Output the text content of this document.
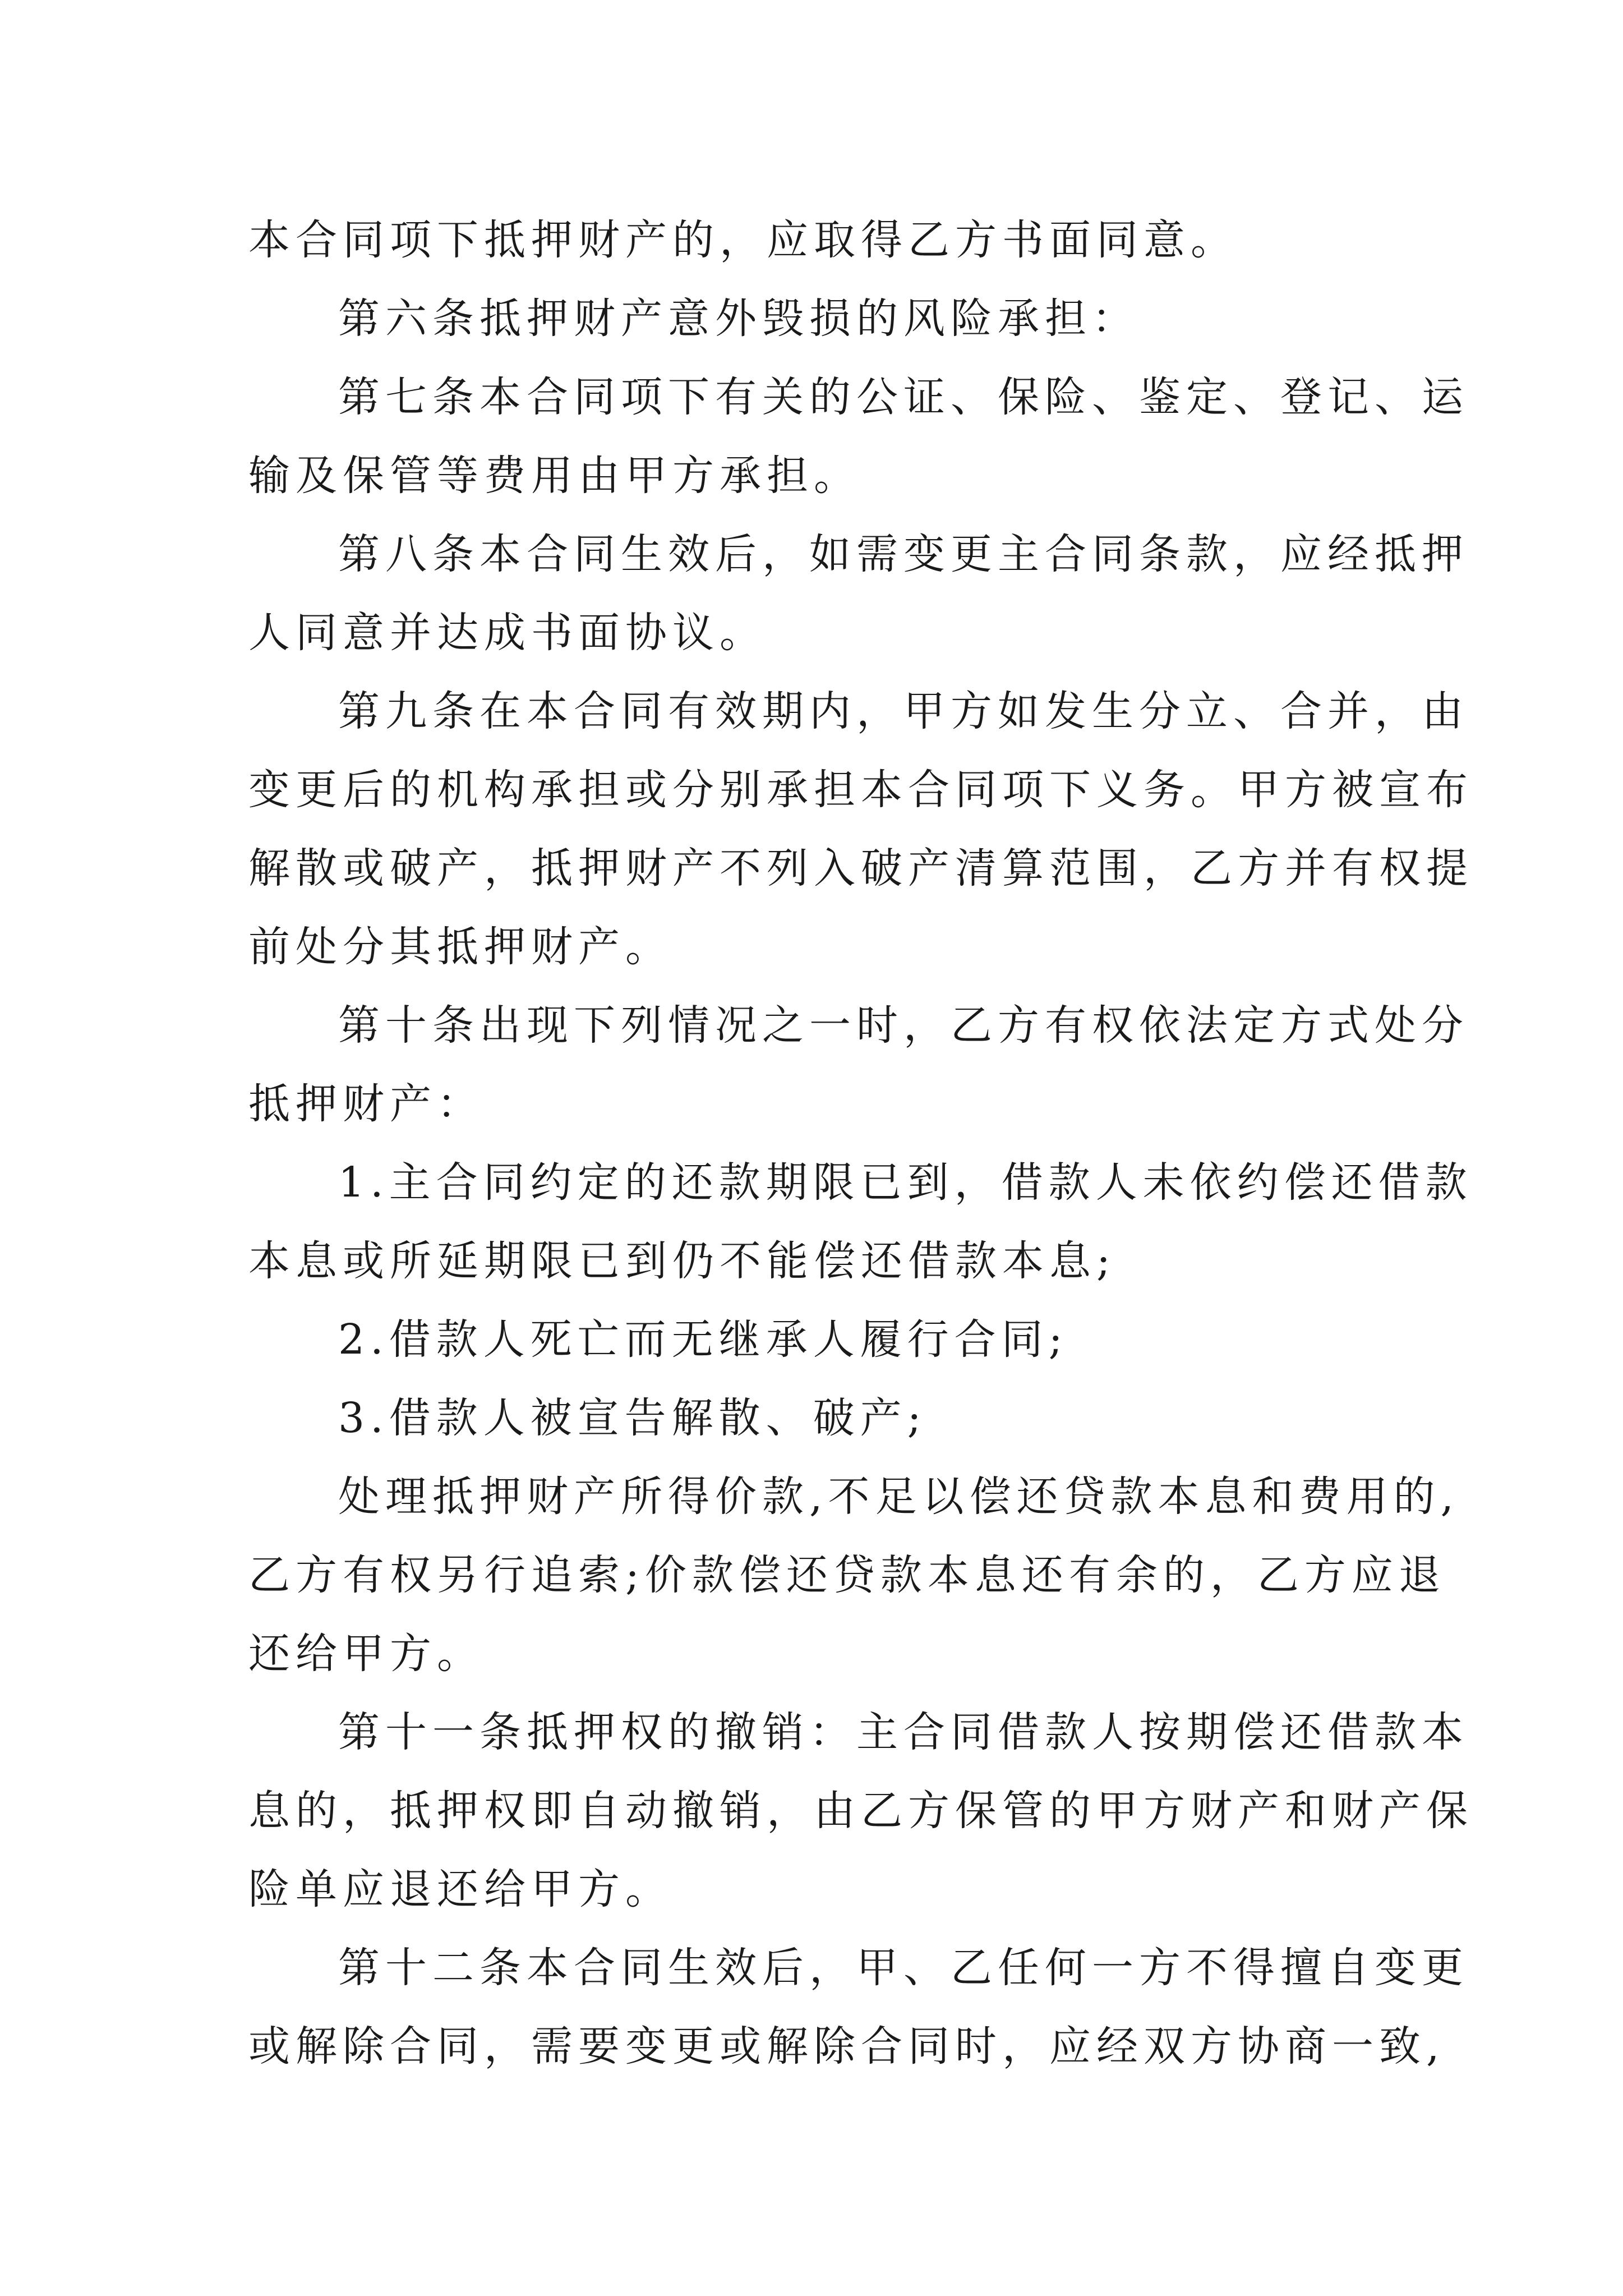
本合同项下抵押财产的，应取得乙方书面同意。
第六条抵押财产意外毁损的风险承担：
第七条本合同项下有关的公证、保险、鉴定、登记、运
输及保管等费用由甲方承担。
第八条本合同生效后，如需变更主合同条款，应经抵押
人同意并达成书面协议。
第九条在本合同有效期内，甲方如发生分立、合并，由
变更后的机构承担或分别承担本合同项下义务。甲方被宣布
解散或破产，抵押财产不列入破产清算范围，乙方并有权提
前处分其抵押财产。
第十条出现下列情况之一时，乙方有权依法定方式处分
抵押财产：
1.主合同约定的还款期限已到，借款人未依约偿还借款
本息或所延期限已到仍不能偿还借款本息;
2.借款人死亡而无继承人履行合同;
3.借款人被宣告解散、破产;
处理抵押财产所得价款,不足以偿还贷款本息和费用的,
乙方有权另行追索;价款偿还贷款本息还有余的，乙方应退
还给甲方。
第十一条抵押权的撤销：主合同借款人按期偿还借款本
息的，抵押权即自动撤销，由乙方保管的甲方财产和财产保
险单应退还给甲方。
第十二条本合同生效后，甲、乙任何一方不得擅自变更
或解除合同，需要变更或解除合同时，应经双方协商一致,
